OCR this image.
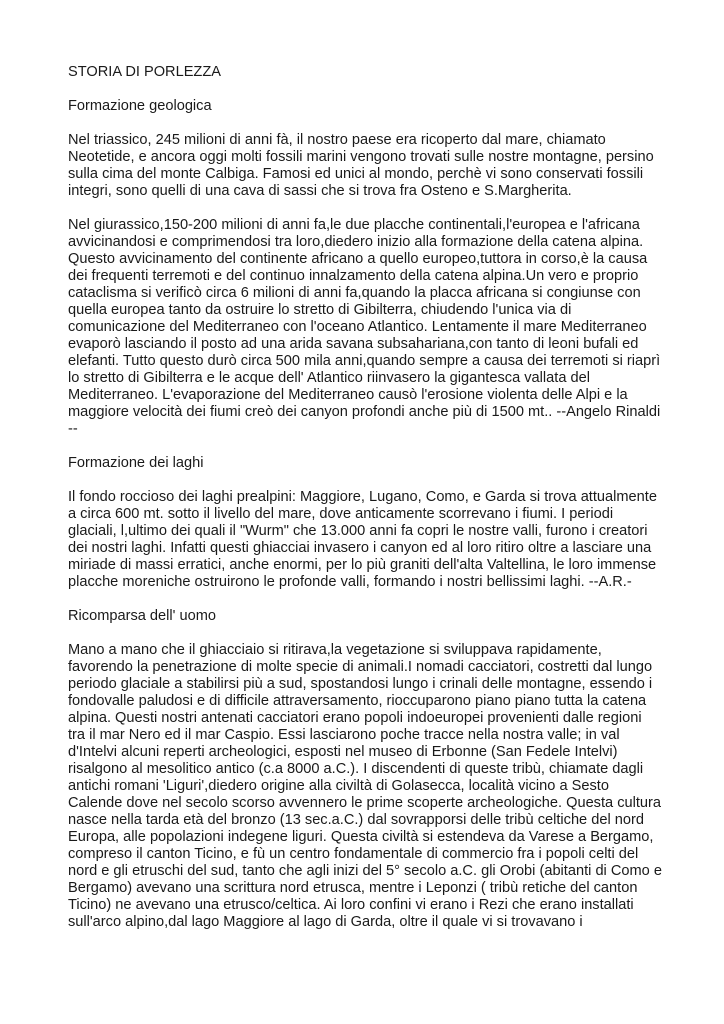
STORIA DI PORLEZZA

Formazione geologica

Nel triassico, 245 milioni di anni fà, il nostro paese era ricoperto dal mare, chiamato Neotetide, e ancora oggi molti fossili marini vengono trovati sulle nostre montagne, persino sulla cima del monte Calbiga. Famosi ed unici al mondo, perchè vi sono conservati fossili integri, sono quelli di una cava di sassi che si trova fra Osteno e S.Margherita.

Nel giurassico,150-200 milioni di anni fa,le due placche continentali,l'europea e l'africana avvicinandosi e comprimendosi tra loro,diedero inizio alla formazione della catena alpina. Questo avvicinamento del continente africano a quello europeo,tuttora in corso,è la causa dei frequenti terremoti e del continuo innalzamento della catena alpina.Un vero e proprio cataclisma si verificò circa 6 milioni di anni fa,quando la placca africana si congiunse con quella europea tanto da ostruire lo stretto di Gibilterra, chiudendo l'unica via di comunicazione del Mediterraneo con l'oceano Atlantico. Lentamente il mare Mediterraneo evaporò lasciando il posto ad una arida savana subsahariana,con tanto di leoni bufali ed elefanti. Tutto questo durò circa 500 mila anni,quando sempre a causa dei terremoti si riaprì lo stretto di Gibilterra e le acque dell' Atlantico riinvasero la gigantesca vallata del Mediterraneo. L'evaporazione del Mediterraneo causò l'erosione violenta delle Alpi e la maggiore velocità dei fiumi creò dei canyon profondi anche più di 1500 mt.. --Angelo Rinaldi --

Formazione dei laghi

Il fondo roccioso dei laghi prealpini: Maggiore, Lugano, Como, e Garda si trova attualmente a circa 600 mt. sotto il livello del mare, dove anticamente scorrevano i fiumi. I periodi glaciali, l,ultimo dei quali il "Wurm" che 13.000 anni fa copri le nostre valli, furono i creatori dei nostri laghi. Infatti questi ghiacciai invasero i canyon ed al loro ritiro oltre a lasciare una miriade di massi erratici, anche enormi, per lo più graniti dell'alta Valtellina, le loro immense placche moreniche ostruirono le profonde valli, formando i nostri bellissimi laghi. --A.R.-

Ricomparsa dell' uomo

Mano a mano che il ghiacciaio si ritirava,la vegetazione si sviluppava rapidamente, favorendo la penetrazione di molte specie di animali.I nomadi cacciatori, costretti dal lungo periodo glaciale a stabilirsi più a sud, spostandosi lungo i crinali delle montagne, essendo i fondovalle paludosi e di difficile attraversamento, rioccuparono piano piano tutta la catena alpina. Questi nostri antenati cacciatori erano popoli indoeuropei provenienti dalle regioni tra il mar Nero ed il mar Caspio. Essi lasciarono poche tracce nella nostra valle; in val d'Intelvi alcuni reperti archeologici, esposti nel museo di Erbonne (San Fedele Intelvi) risalgono al mesolitico antico (c.a 8000 a.C.). I discendenti di queste tribù, chiamate dagli antichi romani 'Liguri',diedero origine alla civiltà di Golasecca, località vicino a Sesto Calende dove nel secolo scorso avvennero le prime scoperte archeologiche. Questa cultura nasce nella tarda età del bronzo (13 sec.a.C.) dal sovrapporsi delle tribù celtiche del nord Europa, alle popolazioni indegene liguri. Questa civiltà si estendeva da Varese a Bergamo, compreso il canton Ticino, e fù un centro fondamentale di commercio fra i popoli celti del nord e gli etruschi del sud, tanto che agli inizi del 5° secolo a.C. gli Orobi (abitanti di Como e Bergamo) avevano una scrittura nord etrusca, mentre i Leponzi ( tribù retiche del canton Ticino) ne avevano una etrusco/celtica. Ai loro confini vi erano i Rezi che erano installati sull'arco alpino,dal lago Maggiore al lago di Garda, oltre il quale vi si trovavano i
